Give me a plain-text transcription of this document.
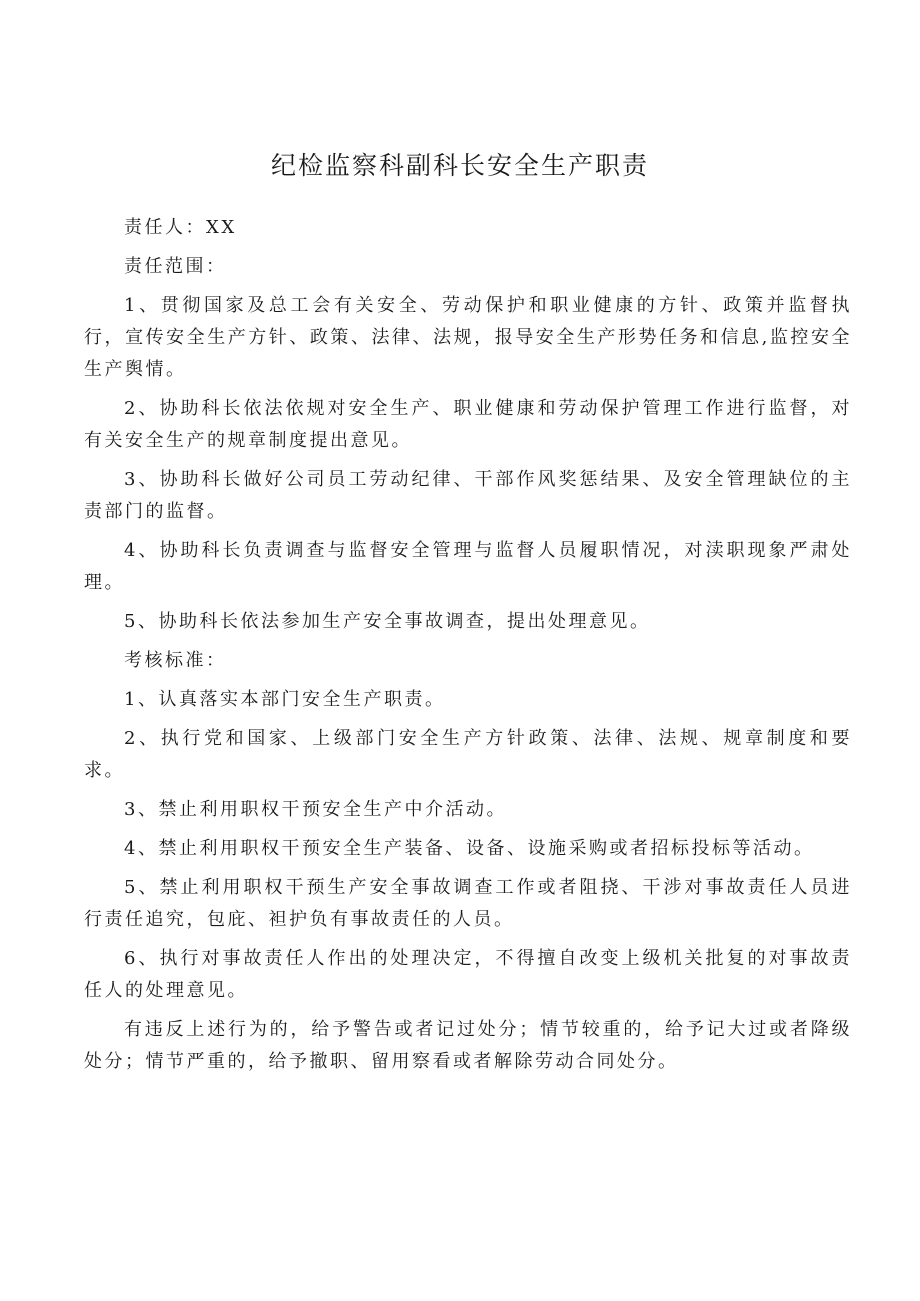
纪检监察科副科长安全生产职责

责任人：XX

责任范围：

1、贯彻国家及总工会有关安全、劳动保护和职业健康的方针、政策并监督执行，宣传安全生产方针、政策、法律、法规，报导安全生产形势任务和信息,监控安全生产舆情。

2、协助科长依法依规对安全生产、职业健康和劳动保护管理工作进行监督，对有关安全生产的规章制度提出意见。

3、协助科长做好公司员工劳动纪律、干部作风奖惩结果、及安全管理缺位的主责部门的监督。

4、协助科长负责调查与监督安全管理与监督人员履职情况，对渎职现象严肃处理。

5、协助科长依法参加生产安全事故调查，提出处理意见。

考核标准：

1、认真落实本部门安全生产职责。

2、执行党和国家、上级部门安全生产方针政策、法律、法规、规章制度和要求。

3、禁止利用职权干预安全生产中介活动。

4、禁止利用职权干预安全生产装备、设备、设施采购或者招标投标等活动。

5、禁止利用职权干预生产安全事故调查工作或者阻挠、干涉对事故责任人员进行责任追究，包庇、袒护负有事故责任的人员。

6、执行对事故责任人作出的处理决定，不得擅自改变上级机关批复的对事故责任人的处理意见。

有违反上述行为的，给予警告或者记过处分；情节较重的，给予记大过或者降级处分；情节严重的，给予撤职、留用察看或者解除劳动合同处分。
